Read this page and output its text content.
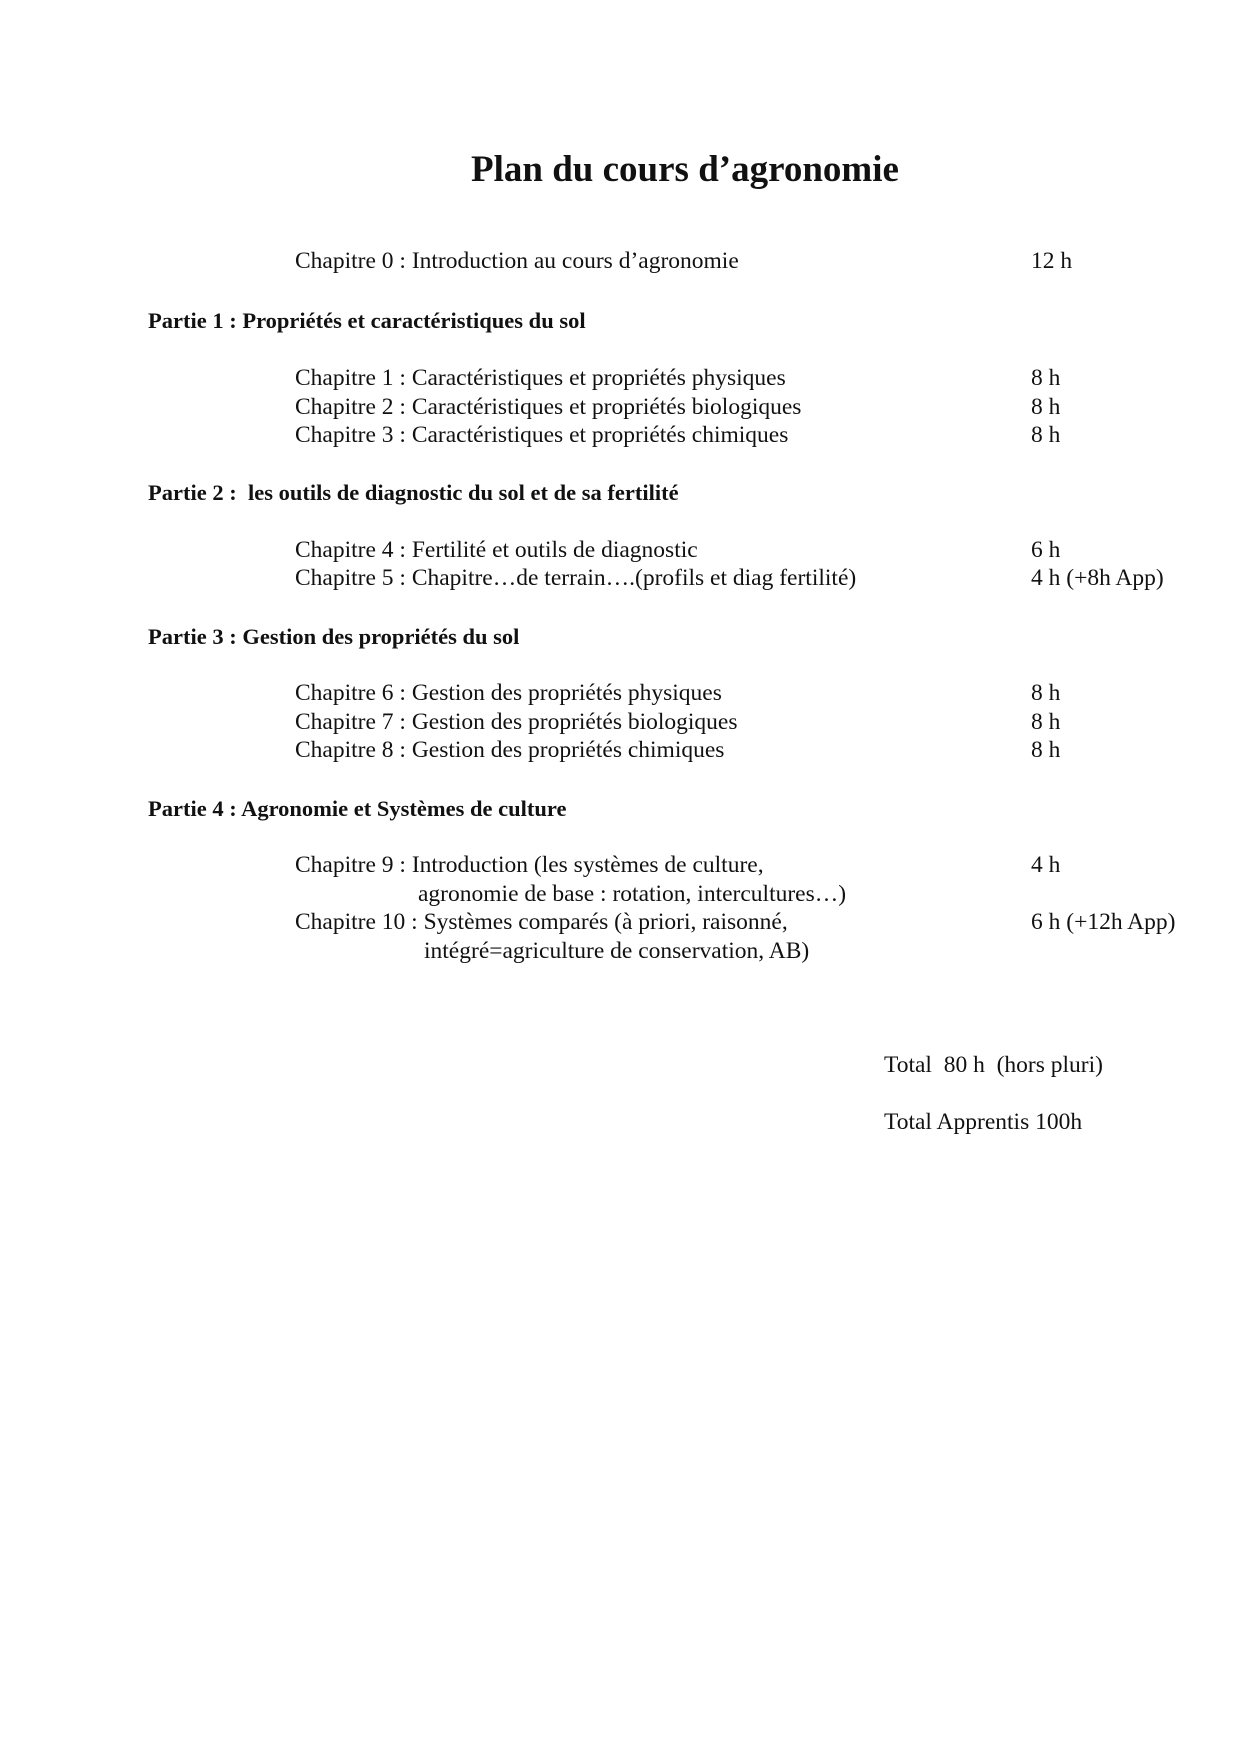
Plan du cours d’agronomie
Chapitre 0 : Introduction au cours d’agronomie	12 h
Partie 1 : Propriétés et caractéristiques du sol
Chapitre 1 : Caractéristiques et propriétés physiques	8 h
Chapitre 2 : Caractéristiques et propriétés biologiques	8 h
Chapitre 3 : Caractéristiques et propriétés chimiques	8 h
Partie 2 :  les outils de diagnostic du sol et de sa fertilité
Chapitre 4 : Fertilité et outils de diagnostic	6 h
Chapitre 5 : Chapitre…de terrain….(profils et diag fertilité)	4 h (+8h App)
Partie 3 : Gestion des propriétés du sol
Chapitre 6 : Gestion des propriétés physiques	8 h
Chapitre 7 : Gestion des propriétés biologiques	8 h
Chapitre 8 : Gestion des propriétés chimiques	8 h
Partie 4 : Agronomie et Systèmes de culture
Chapitre 9 : Introduction (les systèmes de culture,	4 h
agronomie de base : rotation, intercultures…)
Chapitre 10 : Systèmes comparés (à priori, raisonné,	6 h (+12h App)
intégré=agriculture de conservation, AB)
Total  80 h  (hors pluri)
Total Apprentis 100h
